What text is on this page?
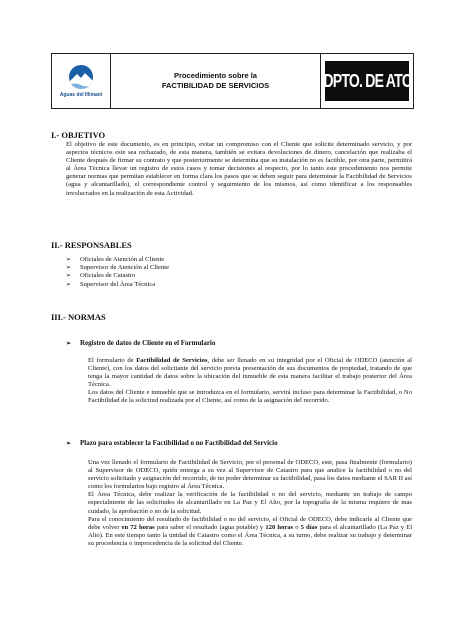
Aguas del Illimani
Procedimiento sobre la
FACTIBILIDAD DE SERVICIOS	DPTO. DE ATC
I.- OBJETIVO

El objetivo de este documento, es en principio, evitar un compromiso con el Cliente que solicite determinado servicio, y por aspectos técnicos este sea rechazado, de esta manera, también se evitara devoluciones de dinero, cancelación que realizaba el Cliente después de firmar su contrato y que posteriormente se determina que su instalación no es factible, por otra parte, permitirá al Área Técnica llevar un registro de estos casos y tomar decisiones al respecto, por lo tanto este procedimiento nos permite generar normas que permitan establecer en forma clara los pasos que se deben seguir para determinar la Factibilidad de Servicios (agua y alcantarillado), el correspondiente control y seguimiento de los mismos, así como identificar a los responsables involucrados en la realización de esta Actividad.

II.- RESPONSABLES
➢	Oficiales de Atención al Cliente
➢	Supervisor de Atención al Cliente
➢	Oficiales de Catastro
➢	Supervisor del Área Técnica
III.- NORMAS
➢	Registro de datos de Cliente en el Formulario

El formulario de Factibilidad de Servicios, debe ser llenado en su integridad por el Oficial de ODECO (atención al Cliente), con los datos del solicitante del servicio previa presentación de sus documentos de propiedad, tratando de que tenga la mayor cantidad de datos sobre la ubicación del inmueble de esta manera facilitar el trabajo posterior del Área Técnica.

Los datos del Cliente e inmueble que se introduzca en el formulario, servirá incluso para determinar la Factibilidad, o No Factibilidad de la solicitud realizada por el Cliente, así como de la asignación del recorrido.

➢	Plazo para establecer la Factibilidad o no Factibilidad del Servicio

Una vez llenado el formulario de Factibilidad de Servicio, por el personal de ODECO, este, pasa finalmente (formulario) al Supervisor de ODECO, quién entrega a su vez al Supervisor de Catastro para que analice la factibilidad o no del servicio solicitado y asignación del recorrido, de no poder determinar su factibilidad, pasa los datos mediante el SAR II así como los formularios bajo registro al Área Técnica.

El Área Técnica, debe realizar la verificación de la factibilidad o no del servicio, mediante un trabajo de campo especialmente de las solicitudes de alcantarillado en La Paz y El Alto, por la topografía de la misma requiere de mas cuidado, la aprobación o no de la solicitud.

Para el conocimiento del resultado de factibilidad o no del servicio, el Oficial de ODECO, debe indicarle al Cliente que debe volver en 72 horas para saber el resultado (agua potable) y 120 horas o 5 días para el alcantarillado (La Paz y El Alto). En este tiempo tanto la unidad de Catastro como el Área Técnica, a su turno, debe realizar su trabajo y determinar su procedencia o improcedencia de la solicitud del Cliente.
